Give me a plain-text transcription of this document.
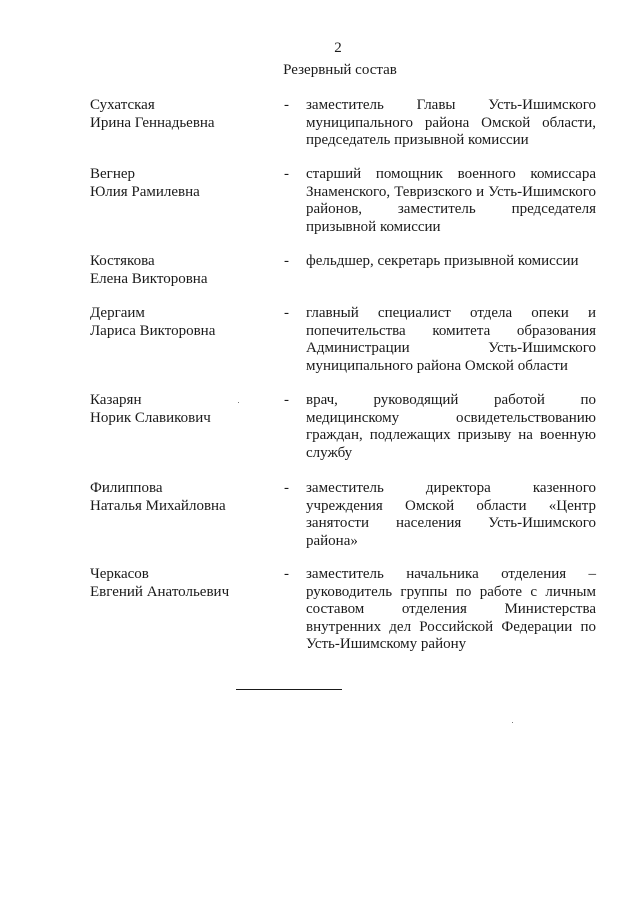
2
Резервный состав
Сухатская
Ирина Геннадьевна
- заместитель Главы Усть-Ишимского муниципального района Омской области, председатель призывной комиссии
Вегнер
Юлия Рамилевна
- старший помощник военного комиссара Знаменского, Тевризского и Усть-Ишимского районов, заместитель председателя призывной комиссии
Костякова
Елена Викторовна
- фельдшер, секретарь призывной комиссии
Дергаим
Лариса Викторовна
- главный специалист отдела опеки и попечительства комитета образования Администрации Усть-Ишимского муниципального района Омской области
Казарян
Норик Славикович
- врач, руководящий работой по медицинскому освидетельствованию граждан, подлежащих призыву на военную службу
Филиппова
Наталья Михайловна
- заместитель директора казенного учреждения Омской области «Центр занятости населения Усть-Ишимского района»
Черкасов
Евгений Анатольевич
- заместитель начальника отделения – руководитель группы по работе с личным составом отделения Министерства внутренних дел Российской Федерации по Усть-Ишимскому району
